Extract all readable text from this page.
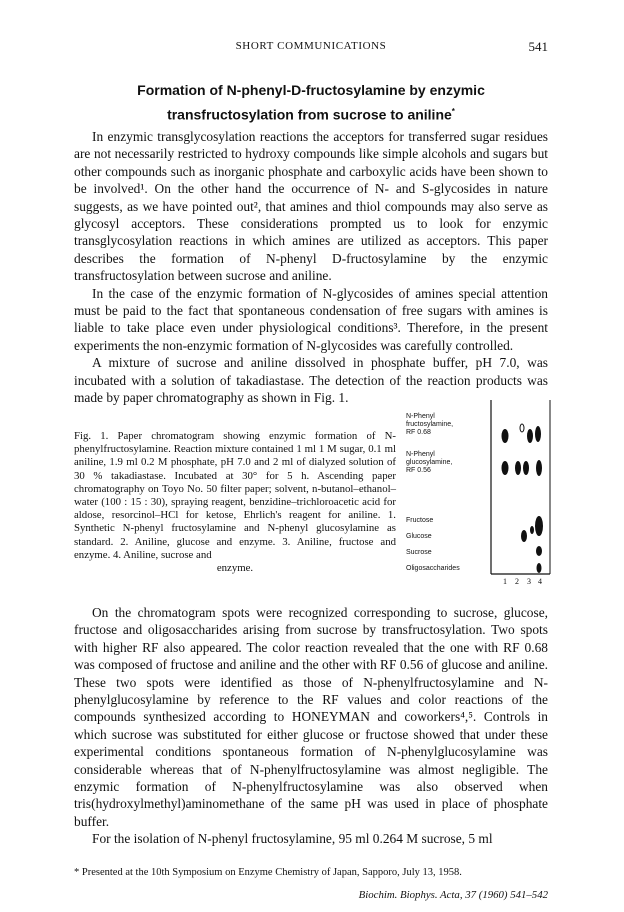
SHORT COMMUNICATIONS	541
Formation of N-phenyl-D-fructosylamine by enzymic
transfructosylation from sucrose to aniline*

In enzymic transglycosylation reactions the acceptors for transferred sugar residues are not necessarily restricted to hydroxy compounds like simple alcohols and sugars but other compounds such as inorganic phosphate and carboxylic acids have been shown to be involved¹. On the other hand the occurrence of N- and S-glycosides in nature suggests, as we have pointed out², that amines and thiol compounds may also serve as glycosyl acceptors. These considerations prompted us to look for enzymic transglycosylation reactions in which amines are utilized as acceptors. This paper describes the formation of N-phenyl D-fructosylamine by the enzymic transfructosylation between sucrose and aniline.

In the case of the enzymic formation of N-glycosides of amines special attention must be paid to the fact that spontaneous condensation of free sugars with amines is liable to take place even under physiological conditions³. Therefore, in the present experiments the non-enzymic formation of N-glycosides was carefully controlled.

A mixture of sucrose and aniline dissolved in phosphate buffer, pH 7.0, was incubated with a solution of takadiastase. The detection of the reaction products was made by paper chromatography as shown in Fig. 1.

Fig. 1. Paper chromatogram showing enzymic formation of N-phenylfructosylamine. Reaction mixture contained 1 ml 1 M sugar, 0.1 ml aniline, 1.9 ml 0.2 M phosphate, pH 7.0 and 2 ml of dialyzed solution of 30 % takadiastase. Incubated at 30° for 5 h. Ascending paper chromatography on Toyo No. 50 filter paper; solvent, n-butanol–ethanol–water (100 : 15 : 30), spraying reagent, benzidine–trichloroacetic acid for aldose, resorcinol–HCl for ketose, Ehrlich's reagent for aniline. 1. Synthetic N-phenyl fructosylamine and N-phenyl glucosylamine as standard. 2. Aniline, glucose and enzyme. 3. Aniline, fructose and enzyme. 4. Aniline, sucrose and
enzyme.
N-Phenyl
fructosylamine,
RF 0.68
N-Phenyl
glucosylamine,
RF 0.56
Fructose
Glucose
Sucrose
Oligosaccharides
1 2 3 4

On the chromatogram spots were recognized corresponding to sucrose, glucose, fructose and oligosaccharides arising from sucrose by transfructosylation. Two spots with higher RF also appeared. The color reaction revealed that the one with RF 0.68 was composed of fructose and aniline and the other with RF 0.56 of glucose and aniline. These two spots were identified as those of N-phenylfructosylamine and N-phenylglucosylamine by reference to the RF values and color reactions of the compounds synthesized according to HONEYMAN and coworkers⁴,⁵. Controls in which sucrose was substituted for either glucose or fructose showed that under these experimental conditions spontaneous formation of N-phenylglucosylamine was considerable whereas that of N-phenylfructosylamine was almost negligible. The enzymic formation of N-phenylfructosylamine was also observed when tris(hydroxylmethyl)aminomethane of the same pH was used in place of phosphate buffer.

For the isolation of N-phenyl fructosylamine, 95 ml 0.264 M sucrose, 5 ml

* Presented at the 10th Symposium on Enzyme Chemistry of Japan, Sapporo, July 13, 1958.
Biochim. Biophys. Acta, 37 (1960) 541–542
